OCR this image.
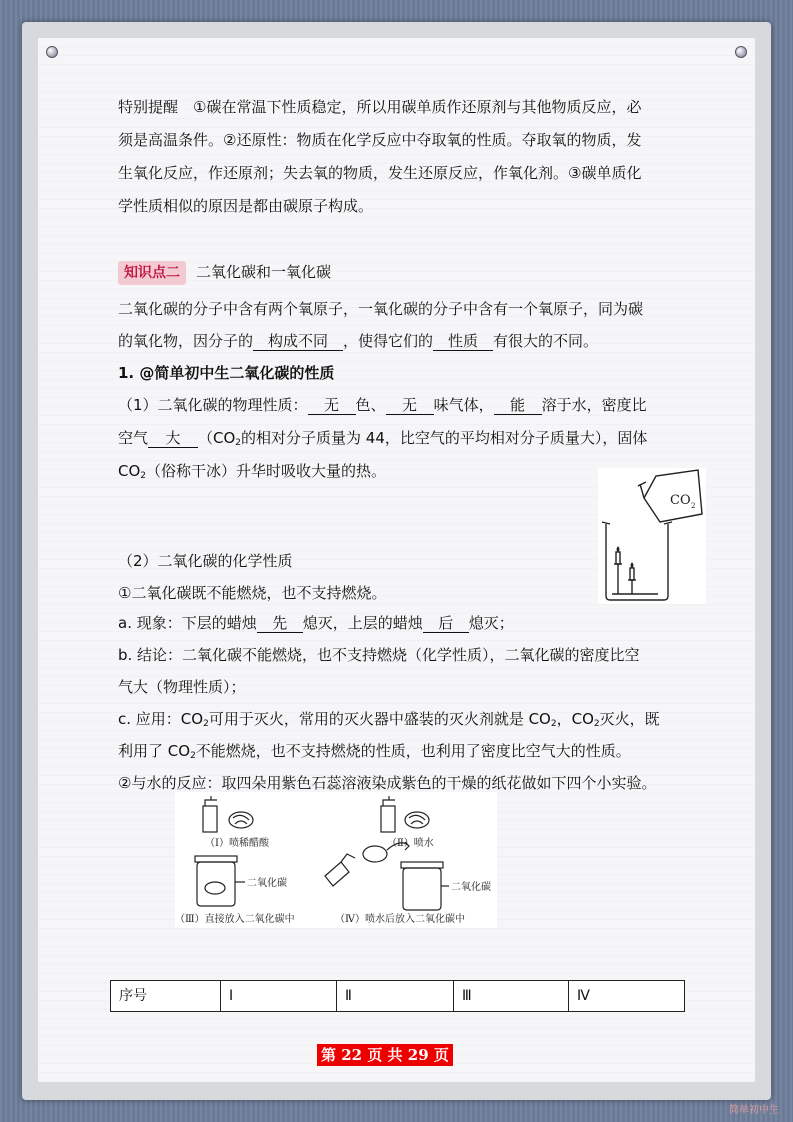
特别提醒　①碳在常温下性质稳定，所以用碳单质作还原剂与其他物质反应，必
须是高温条件。②还原性：物质在化学反应中夺取氧的性质。夺取氧的物质，发
生氧化反应，作还原剂；失去氧的物质，发生还原反应，作氧化剂。③碳单质化
学性质相似的原因是都由碳原子构成。
知识点二 二氧化碳和一氧化碳
二氧化碳的分子中含有两个氧原子，一氧化碳的分子中含有一个氧原子，同为碳
的氧化物，因分子的 构成不同 ，使得它们的 性质 有很大的不同。
1. @简单初中生二氧化碳的性质
（1）二氧化碳的物理性质： 无 色、 无 味气体， 能 溶于水，密度比
空气 大 （$CO_2$的相对分子质量为 44，比空气的平均相对分子质量大），固体
$CO_2$（俗称干冰）升华时吸收大量的热。
（2）二氧化碳的化学性质
①二氧化碳既不能燃烧，也不支持燃烧。
a. 现象：下层的蜡烛 先 熄灭，上层的蜡烛 后 熄灭；
b. 结论：二氧化碳不能燃烧，也不支持燃烧（化学性质），二氧化碳的密度比空
气大（物理性质）；
c. 应用：$CO_2$可用于灭火，常用的灭火器中盛装的灭火剂就是 $CO_2$，$CO_2$灭火，既
利用了 $CO_2$不能燃烧，也不支持燃烧的性质，也利用了密度比空气大的性质。
②与水的反应：取四朵用紫色石蕊溶液染成紫色的干燥的纸花做如下四个小实验。
CO 2
（Ⅰ）喷稀醋酸	（Ⅱ）喷水
二氧化碳	二氧化碳
（Ⅲ）直接放入二氧化碳中	（Ⅳ）喷水后放入二氧化碳中
序号	Ⅰ	Ⅱ	Ⅲ	Ⅳ
第 22 页 共 29 页
简单初中生
